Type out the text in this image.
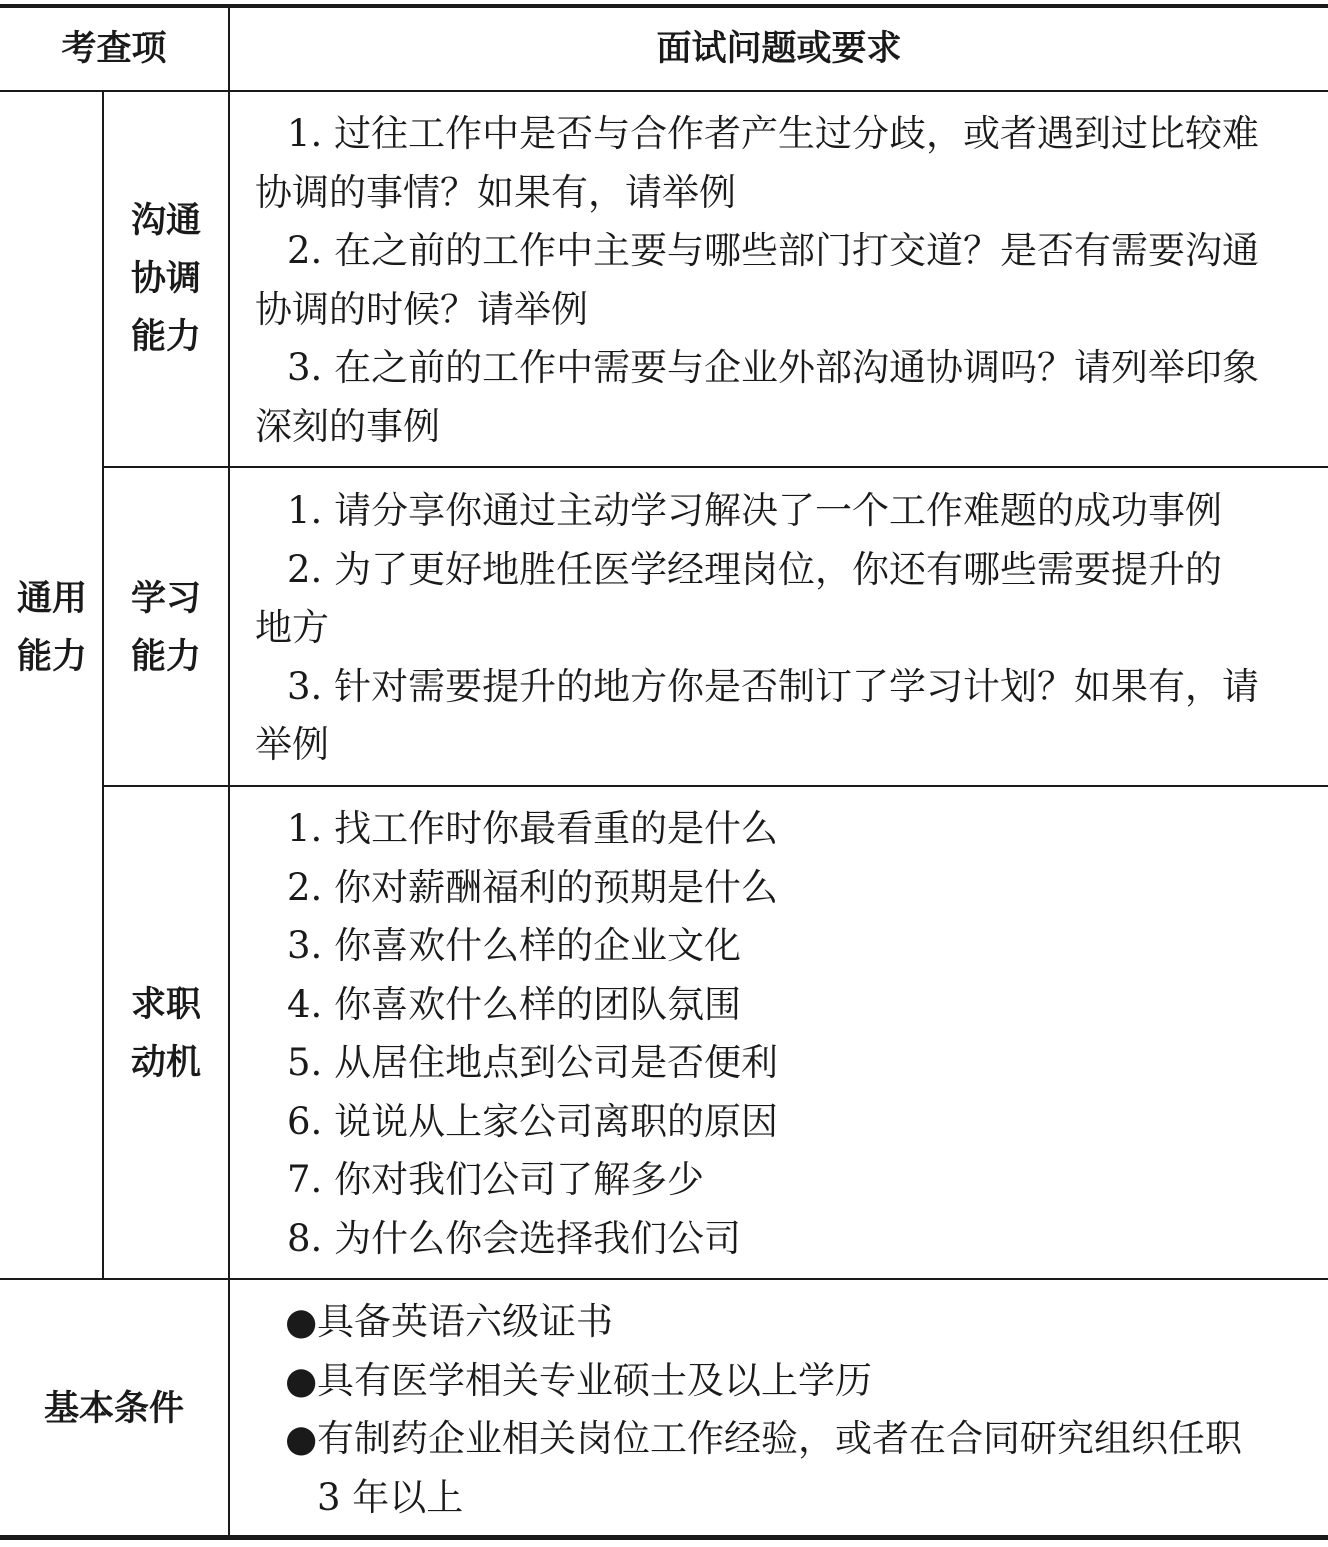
考查项	面试问题或要求
通用能力
沟通协调能力
学习能力
求职动机
1. 过往工作中是否与合作者产生过分歧，或者遇到过比较难
协调的事情？如果有，请举例
2. 在之前的工作中主要与哪些部门打交道？是否有需要沟通
协调的时候？请举例
3. 在之前的工作中需要与企业外部沟通协调吗？请列举印象
深刻的事例
1. 请分享你通过主动学习解决了一个工作难题的成功事例
2. 为了更好地胜任医学经理岗位，你还有哪些需要提升的
地方
3. 针对需要提升的地方你是否制订了学习计划？如果有，请
举例
1. 找工作时你最看重的是什么
2. 你对薪酬福利的预期是什么
3. 你喜欢什么样的企业文化
4. 你喜欢什么样的团队氛围
5. 从居住地点到公司是否便利
6. 说说从上家公司离职的原因
7. 你对我们公司了解多少
8. 为什么你会选择我们公司
基本条件
●具备英语六级证书
●具有医学相关专业硕士及以上学历
●有制药企业相关岗位工作经验，或者在合同研究组织任职
3 年以上
